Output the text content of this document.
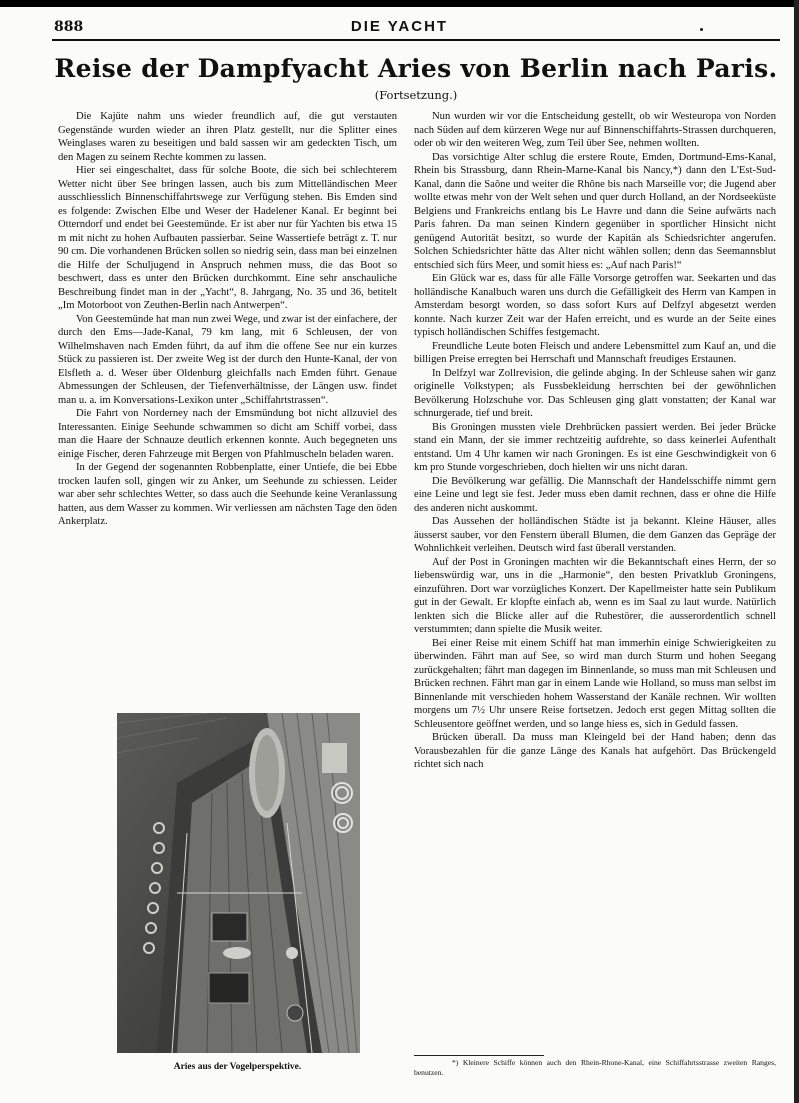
888	DIE YACHT
Reise der Dampfyacht Aries von Berlin nach Paris.
(Fortsetzung.)

Die Kajüte nahm uns wieder freundlich auf, die gut verstauten Gegenstände wurden wieder an ihren Platz gestellt, nur die Splitter eines Weinglases waren zu beseitigen und bald sassen wir am gedeckten Tisch, um den Magen zu seinem Rechte kommen zu lassen.

Hier sei eingeschaltet, dass für solche Boote, die sich bei schlechterem Wetter nicht über See bringen lassen, auch bis zum Mittelländischen Meer ausschliesslich Binnenschiffahrtswege zur Verfügung stehen. Bis Emden sind es folgende: Zwischen Elbe und Weser der Hadelener Kanal. Er beginnt bei Otterndorf und endet bei Geestemünde. Er ist aber nur für Yachten bis etwa 15 m mit nicht zu hohen Aufbauten passierbar. Seine Wassertiefe beträgt z. T. nur 90 cm. Die vorhandenen Brücken sollen so niedrig sein, dass man bei einzelnen die Hilfe der Schuljugend in Anspruch nehmen muss, die das Boot so beschwert, dass es unter den Brücken durchkommt. Eine sehr anschauliche Beschreibung findet man in der „Yacht“, 8. Jahrgang, No. 35 und 36, betitelt „Im Motorboot von Zeuthen-Berlin nach Antwerpen“.

Von Geestemünde hat man nun zwei Wege, und zwar ist der einfachere, der durch den Ems—Jade-Kanal, 79 km lang, mit 6 Schleusen, der von Wilhelmshaven nach Emden führt, da auf ihm die offene See nur ein kurzes Stück zu passieren ist. Der zweite Weg ist der durch den Hunte-Kanal, der von Elsfleth a. d. Weser über Oldenburg gleichfalls nach Emden führt. Genaue Abmessungen der Schleusen, der Tiefenverhältnisse, der Längen usw. findet man u. a. im Konversations-Lexikon unter „Schiffahrtstrassen“.

Die Fahrt von Norderney nach der Emsmündung bot nicht allzuviel des Interessanten. Einige Seehunde schwammen so dicht am Schiff vorbei, dass man die Haare der Schnauze deutlich erkennen konnte. Auch begegneten uns einige Fischer, deren Fahrzeuge mit Bergen von Pfahlmuscheln beladen waren.

In der Gegend der sogenannten Robbenplatte, einer Untiefe, die bei Ebbe trocken laufen soll, gingen wir zu Anker, um Seehunde zu schiessen. Leider war aber sehr schlechtes Wetter, so dass auch die Seehunde keine Veranlassung hatten, aus dem Wasser zu kommen. Wir verliessen am nächsten Tage den öden Ankerplatz.

Aries aus der Vogelperspektive.

Nun wurden wir vor die Entscheidung gestellt, ob wir Westeuropa von Norden nach Süden auf dem kürzeren Wege nur auf Binnenschiffahrts-Strassen durchqueren, oder ob wir den weiteren Weg, zum Teil über See, nehmen wollten.

Das vorsichtige Alter schlug die erstere Route, Emden, Dortmund-Ems-Kanal, Rhein bis Strassburg, dann Rhein-Marne-Kanal bis Nancy,*) dann den L'Est-Sud-Kanal, dann die Saône und weiter die Rhône bis nach Marseille vor; die Jugend aber wollte etwas mehr von der Welt sehen und quer durch Holland, an der Nordseeküste Belgiens und Frankreichs entlang bis Le Havre und dann die Seine aufwärts nach Paris fahren. Da man seinen Kindern gegenüber in sportlicher Hinsicht nicht genügend Autorität besitzt, so wurde der Kapitän als Schiedsrichter angerufen. Solchen Schiedsrichter hätte das Alter nicht wählen sollen; denn das Seemannsblut entschied sich fürs Meer, und somit hiess es: „Auf nach Paris!“

Ein Glück war es, dass für alle Fälle Vorsorge getroffen war. Seekarten und das holländische Kanalbuch waren uns durch die Gefälligkeit des Herrn van Kampen in Amsterdam besorgt worden, so dass sofort Kurs auf Delfzyl abgesetzt werden konnte. Nach kurzer Zeit war der Hafen erreicht, und es wurde an der Seite eines typisch holländischen Schiffes festgemacht.

Freundliche Leute boten Fleisch und andere Lebensmittel zum Kauf an, und die billigen Preise erregten bei Herrschaft und Mannschaft freudiges Erstaunen.

In Delfzyl war Zollrevision, die gelinde abging. In der Schleuse sahen wir ganz originelle Volkstypen; als Fussbekleidung herrschten bei der gewöhnlichen Bevölkerung Holzschuhe vor. Das Schleusen ging glatt vonstatten; der Kanal war schnurgerade, tief und breit.

Bis Groningen mussten viele Drehbrücken passiert werden. Bei jeder Brücke stand ein Mann, der sie immer rechtzeitig aufdrehte, so dass keinerlei Aufenthalt entstand. Um 4 Uhr kamen wir nach Groningen. Es ist eine Geschwindigkeit von 6 km pro Stunde vorgeschrieben, doch hielten wir uns nicht daran.

Die Bevölkerung war gefällig. Die Mannschaft der Handelsschiffe nimmt gern eine Leine und legt sie fest. Jeder muss eben damit rechnen, dass er ohne die Hilfe des anderen nicht auskommt.

Das Aussehen der holländischen Städte ist ja bekannt. Kleine Häuser, alles äusserst sauber, vor den Fenstern überall Blumen, die dem Ganzen das Gepräge der Wohnlichkeit verleihen. Deutsch wird fast überall verstanden.

Auf der Post in Groningen machten wir die Bekanntschaft eines Herrn, der so liebenswürdig war, uns in die „Harmonie“, den besten Privatklub Groningens, einzuführen. Dort war vorzügliches Konzert. Der Kapellmeister hatte sein Publikum gut in der Gewalt. Er klopfte einfach ab, wenn es im Saal zu laut wurde. Natürlich lenkten sich die Blicke aller auf die Ruhestörer, die ausserordentlich schnell verstummten; dann spielte die Musik weiter.

Bei einer Reise mit einem Schiff hat man immerhin einige Schwierigkeiten zu überwinden. Fährt man auf See, so wird man durch Sturm und hohen Seegang zurückgehalten; fährt man dagegen im Binnenlande, so muss man mit Schleusen und Brücken rechnen. Fährt man gar in einem Lande wie Holland, so muss man selbst im Binnenlande mit verschieden hohem Wasserstand der Kanäle rechnen. Wir wollten morgens um 7½ Uhr unsere Reise fortsetzen. Jedoch erst gegen Mittag sollten die Schleusentore geöffnet werden, und so lange hiess es, sich in Geduld fassen.

Brücken überall. Da muss man Kleingeld bei der Hand haben; denn das Vorausbezahlen für die ganze Länge des Kanals hat aufgehört. Das Brückengeld richtet sich nach

*) Kleinere Schiffe können auch den Rhein-Rhone-Kanal, eine Schiffahrtsstrasse zweiten Ranges, benutzen.
